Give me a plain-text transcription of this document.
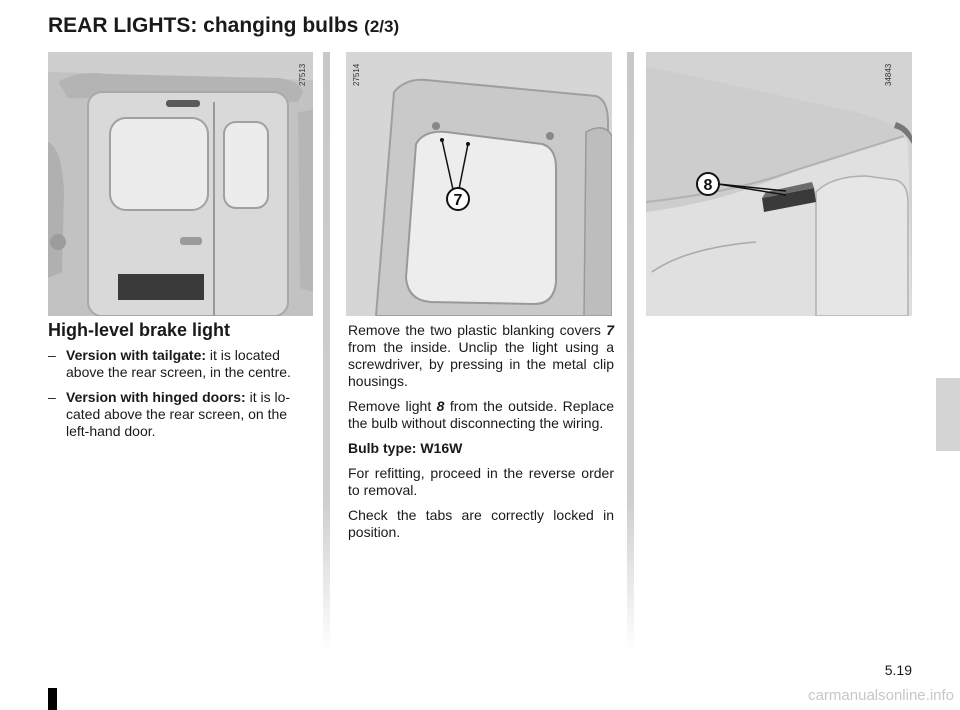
REAR LIGHTS: changing bulbs (2/3)
27513
7
27514
8
34843
High-level brake light
– Version with tailgate: it is located above the rear screen, in the centre.
– Version with hinged doors: it is located above the rear screen, on the left-hand door.

Remove the two plastic blanking covers 7 from the inside. Unclip the light using a screwdriver, by pressing in the metal clip housings.

Remove light 8 from the outside. Replace the bulb without disconnecting the wiring.

Bulb type: W16W

For refitting, proceed in the reverse order to removal.

Check the tabs are correctly locked in position.

5.19
carmanualsonline.info
